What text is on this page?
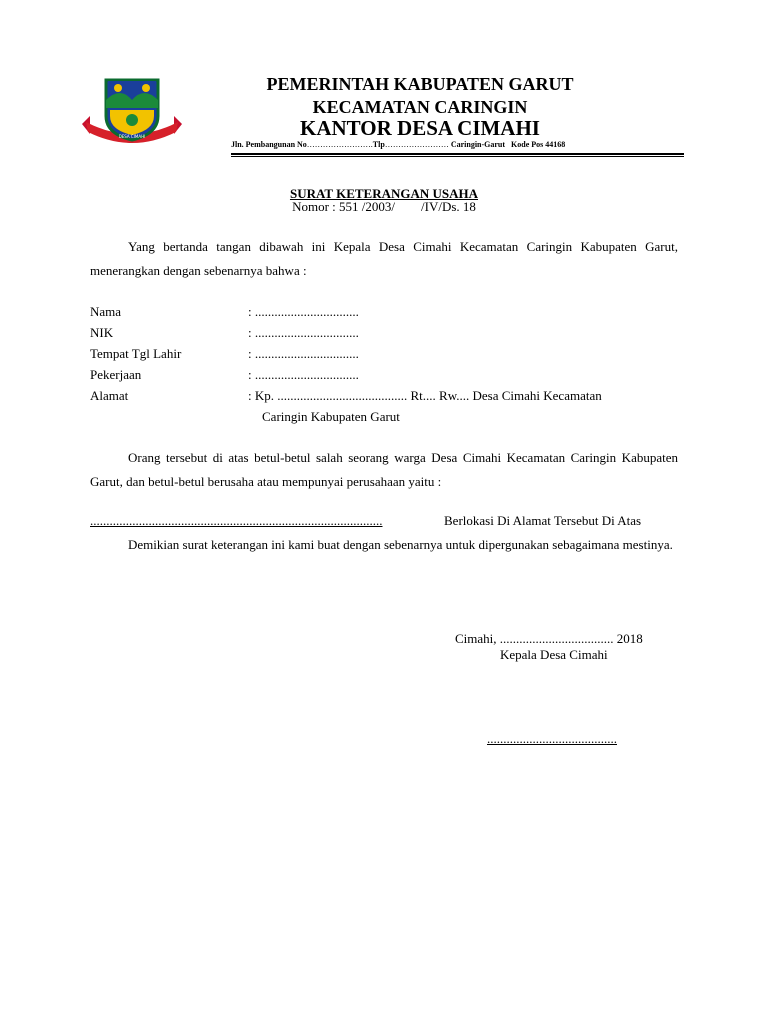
DESA CIMAHI
PEMERINTAH KABUPATEN GARUT
KECAMATAN CARINGIN
KANTOR DESA CIMAHI
Jln. Pembangunan No…………………….Tlp…………………… Caringin-Garut Kode Pos 44168
SURAT KETERANGAN USAHA
Nomor : 551 /2003/        /IV/Ds. 18
Yang bertanda tangan dibawah ini Kepala Desa Cimahi Kecamatan Caringin Kabupaten Garut, menerangkan dengan sebenarnya bahwa :
Nama	: ................................
NIK	: ................................
Tempat Tgl Lahir	: ................................
Pekerjaan	: ................................
Alamat	: Kp. ........................................ Rt.... Rw.... Desa Cimahi Kecamatan
Caringin Kabupaten Garut
Orang tersebut di atas betul-betul salah seorang warga Desa Cimahi Kecamatan Caringin Kabupaten Garut, dan betul-betul berusaha atau mempunyai perusahaan yaitu :
..........................................................................................	Berlokasi Di Alamat Tersebut Di Atas
Demikian surat keterangan ini kami buat dengan sebenarnya untuk dipergunakan sebagaimana mestinya.
Cimahi, ................................... 2018
Kepala Desa Cimahi
........................................
